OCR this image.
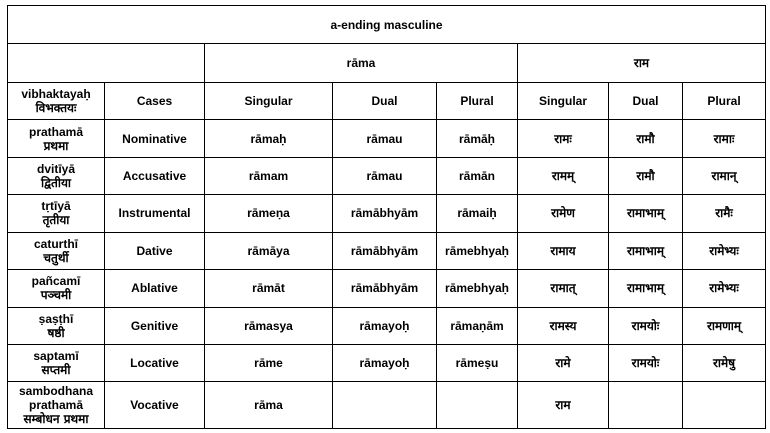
a-ending masculine							
		rāma			राम		

vibhaktayaḥ
विभक्तयः	Cases	Singular	Dual	Plural	Singular	Dual	Plural

prathamā
प्रथमा	Nominative	rāmaḥ	rāmau	rāmāḥ	रामः	रामौ	रामाः

dvitīyā
द्वितीया	Accusative	rāmam	rāmau	rāmān	रामम्	रामौ	रामान्

tṛtīyā
तृतीया	Instrumental	rāmeṇa	rāmābhyām	rāmaiḥ	रामेण	रामाभाम्	रामैः

caturthī
चतुर्थी	Dative	rāmāya	rāmābhyām	rāmebhyaḥ	रामाय	रामाभाम्	रामेभ्यः

pañcamī
पञ्चमी	Ablative	rāmāt	rāmābhyām	rāmebhyaḥ	रामात्	रामाभाम्	रामेभ्यः

ṣaṣṭhī
षष्ठी	Genitive	rāmasya	rāmayoḥ	rāmaṇām	रामस्य	रामयोः	रामणाम्

saptamī
सप्तमी	Locative	rāme	rāmayoḥ	rāmeṣu	रामे	रामयोः	रामेषु

sambodhana
prathamā
सम्बोधन प्रथमा	Vocative	rāma			राम		
